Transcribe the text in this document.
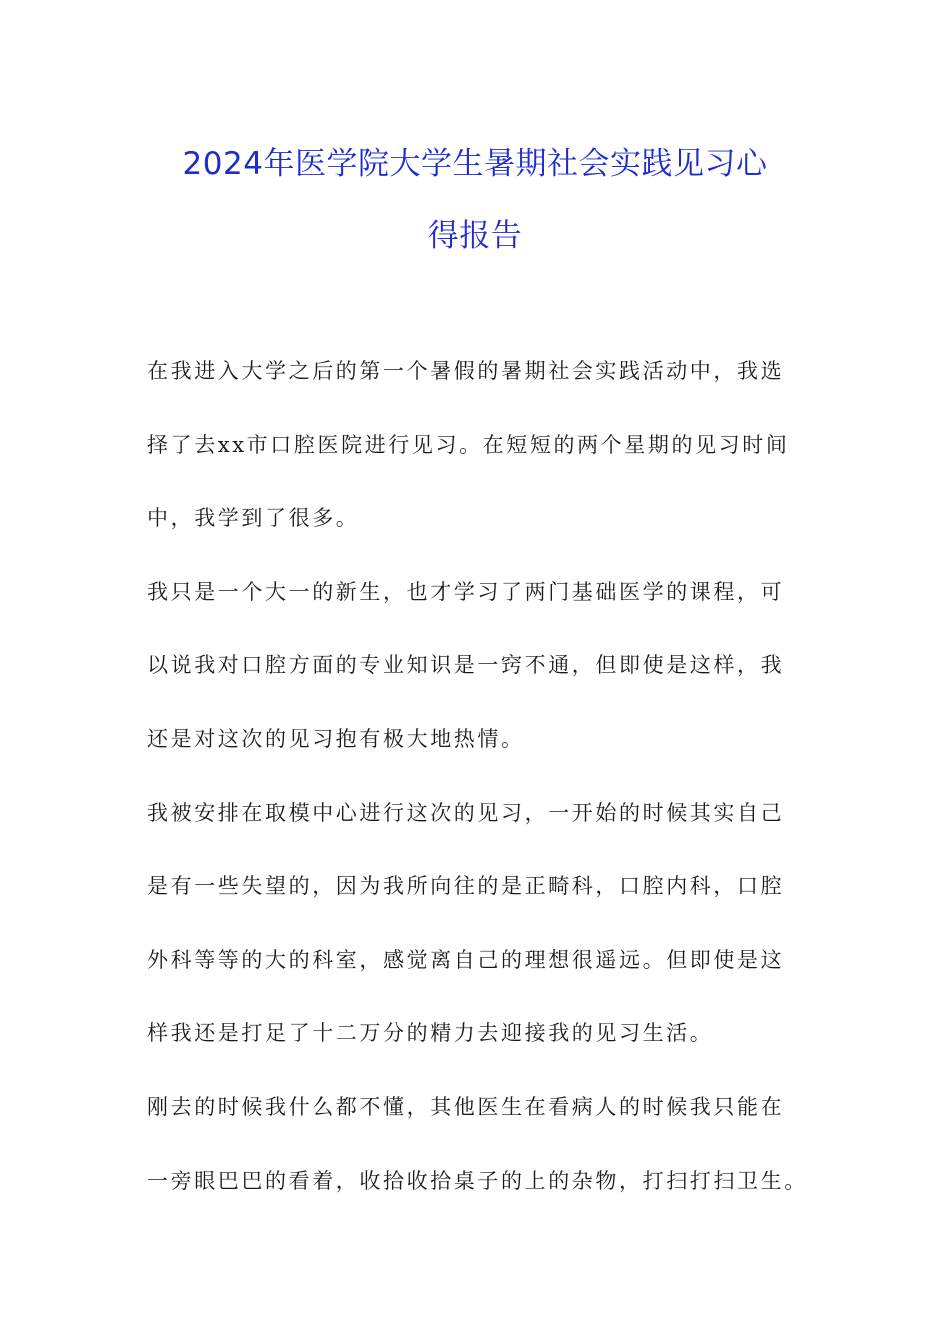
2024年医学院大学生暑期社会实践见习心
得报告
在我进入大学之后的第一个暑假的暑期社会实践活动中，我选
择了去xx市口腔医院进行见习。在短短的两个星期的见习时间
中，我学到了很多。
我只是一个大一的新生，也才学习了两门基础医学的课程，可
以说我对口腔方面的专业知识是一窍不通，但即使是这样，我
还是对这次的见习抱有极大地热情。
我被安排在取模中心进行这次的见习，一开始的时候其实自己
是有一些失望的，因为我所向往的是正畸科，口腔内科，口腔
外科等等的大的科室，感觉离自己的理想很遥远。但即使是这
样我还是打足了十二万分的精力去迎接我的见习生活。
刚去的时候我什么都不懂，其他医生在看病人的时候我只能在
一旁眼巴巴的看着，收拾收拾桌子的上的杂物，打扫打扫卫生。
